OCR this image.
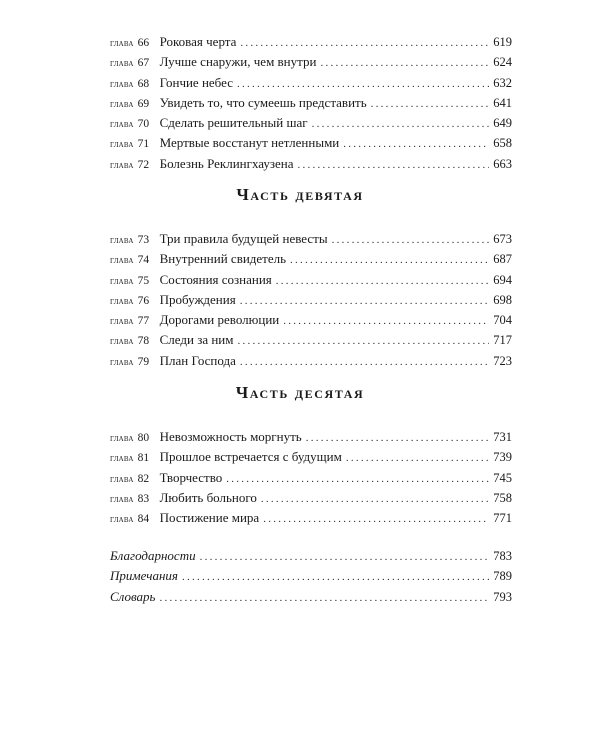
глава 66 Роковая черта . . .	619
глава 67 Лучше снаружи, чем внутри . . .	624
глава 68 Гончие небес . . .	632
глава 69 Увидеть то, что сумеешь представить . . .	641
глава 70 Сделать решительный шаг . . .	649
глава 71 Мертвые восстанут нетленными . . .	658
глава 72 Болезнь Реклингхаузена . . .	663
Часть девятая
глава 73 Три правила будущей невесты . . .	673
глава 74 Внутренний свидетель . . .	687
глава 75 Состояния сознания . . .	694
глава 76 Пробуждения . . .	698
глава 77 Дорогами революции . . .	704
глава 78 Следи за ним . . .	717
глава 79 План Господа . . .	723
Часть десятая
глава 80 Невозможность моргнуть . . .	731
глава 81 Прошлое встречается с будущим . . .	739
глава 82 Творчество . . .	745
глава 83 Любить больного . . .	758
глава 84 Постижение мира . . .	771
Благодарности . . .	783
Примечания . . .	789
Словарь . . .	793
